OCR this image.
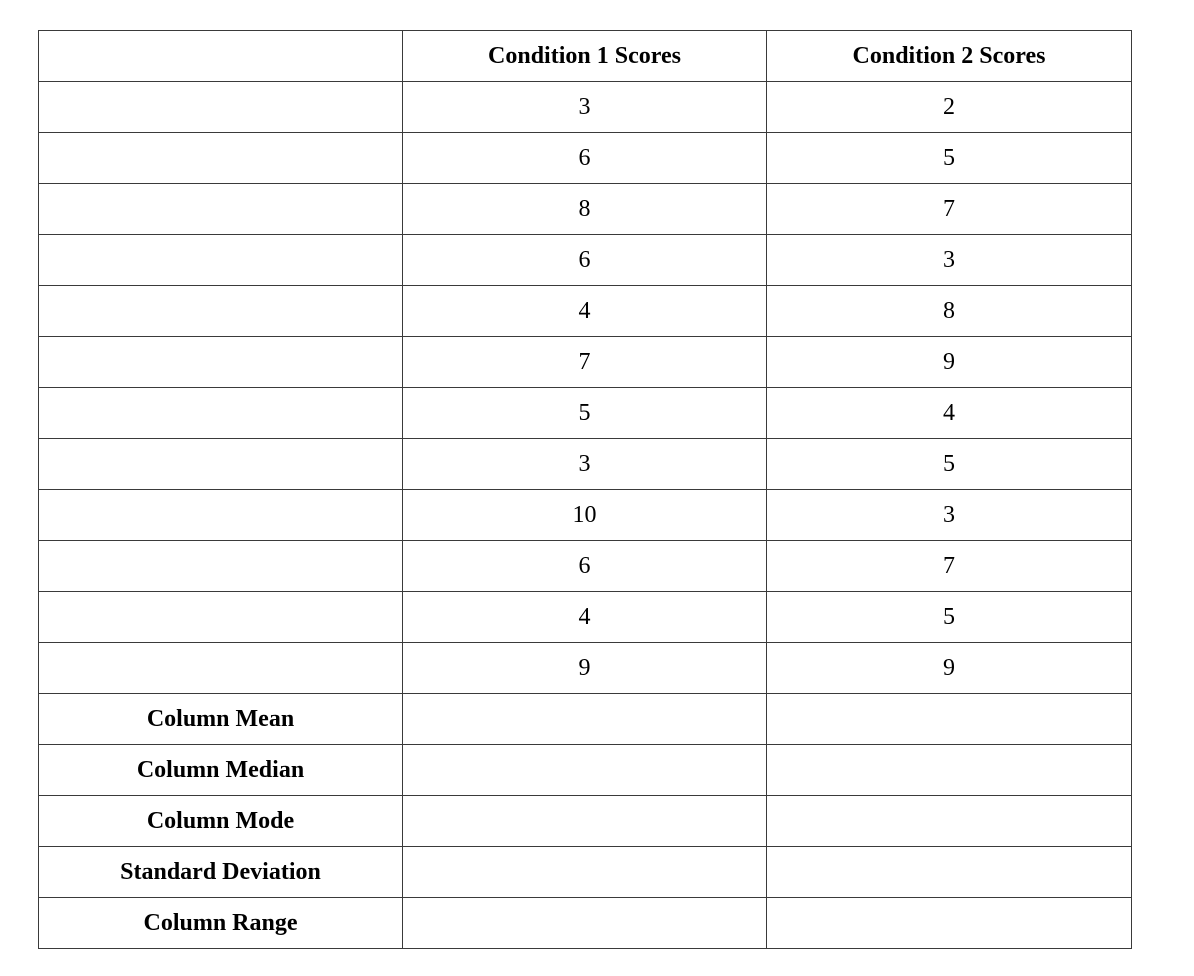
	Condition 1 Scores	Condition 2 Scores
	3	2
	6	5
	8	7
	6	3
	4	8
	7	9
	5	4
	3	5
	10	3
	6	7
	4	5
	9	9
Column Mean		
Column Median		
Column Mode		
Standard Deviation		
Column Range		
